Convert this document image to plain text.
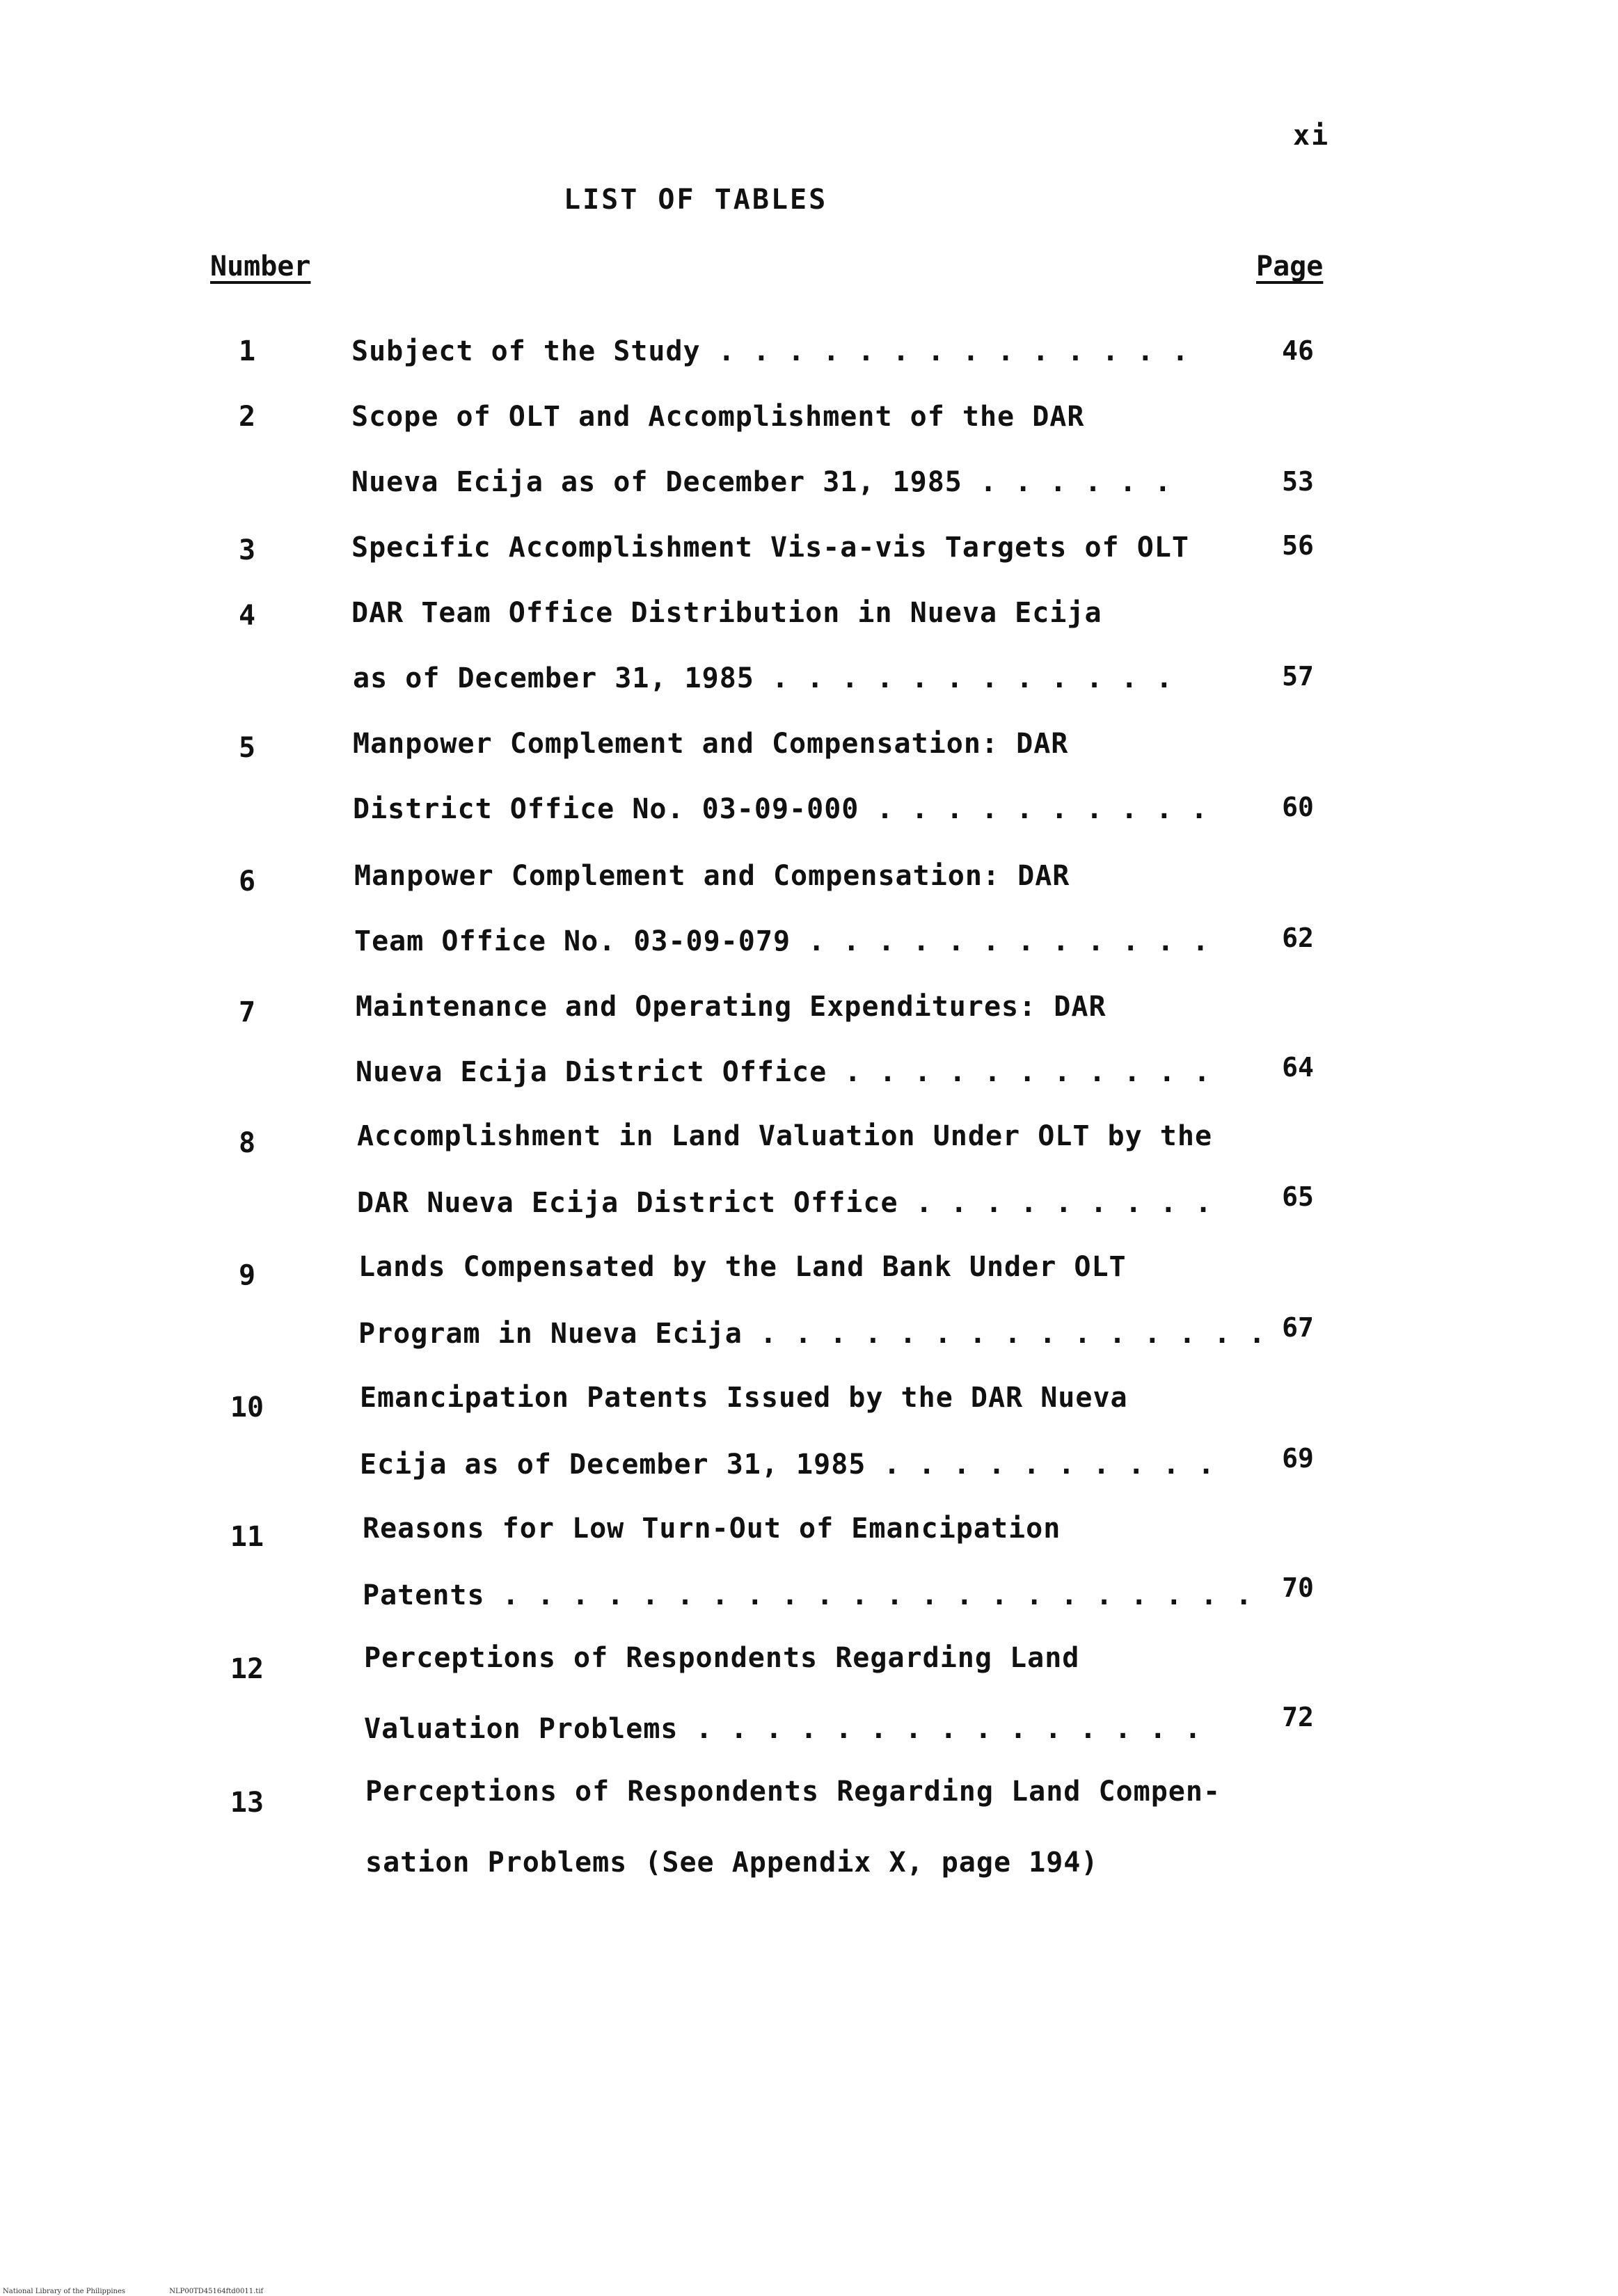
xi
LIST OF TABLES
Number	Page
1	Subject of the Study . . . . . . . . . . . . . .	46
2	Scope of OLT and Accomplishment of the DAR
Nueva Ecija as of December 31, 1985 . . . . . .	53
3	Specific Accomplishment Vis-a-vis Targets of OLT	56
4	DAR Team Office Distribution in Nueva Ecija
as of December 31, 1985 . . . . . . . . . . . .	57
5	Manpower Complement and Compensation: DAR
District Office No. 03-09-000 . . . . . . . . . .	60
6	Manpower Complement and Compensation: DAR
Team Office No. 03-09-079 . . . . . . . . . . . .	62
7	Maintenance and Operating Expenditures: DAR
Nueva Ecija District Office . . . . . . . . . . .	64
8	Accomplishment in Land Valuation Under OLT by the
DAR Nueva Ecija District Office . . . . . . . . .	65
9	Lands Compensated by the Land Bank Under OLT
Program in Nueva Ecija . . . . . . . . . . . . . . . 67
10	Emancipation Patents Issued by the DAR Nueva
Ecija as of December 31, 1985 . . . . . . . . . .	69
11	Reasons for Low Turn-Out of Emancipation
Patents . . . . . . . . . . . . . . . . . . . . . .	70
12	Perceptions of Respondents Regarding Land
Valuation Problems . . . . . . . . . . . . . . .	72
13	Perceptions of Respondents Regarding Land Compen-
sation Problems (See Appendix X, page 194)
National Library of the Philippines	NLP00TD45164ftd0011.tif
